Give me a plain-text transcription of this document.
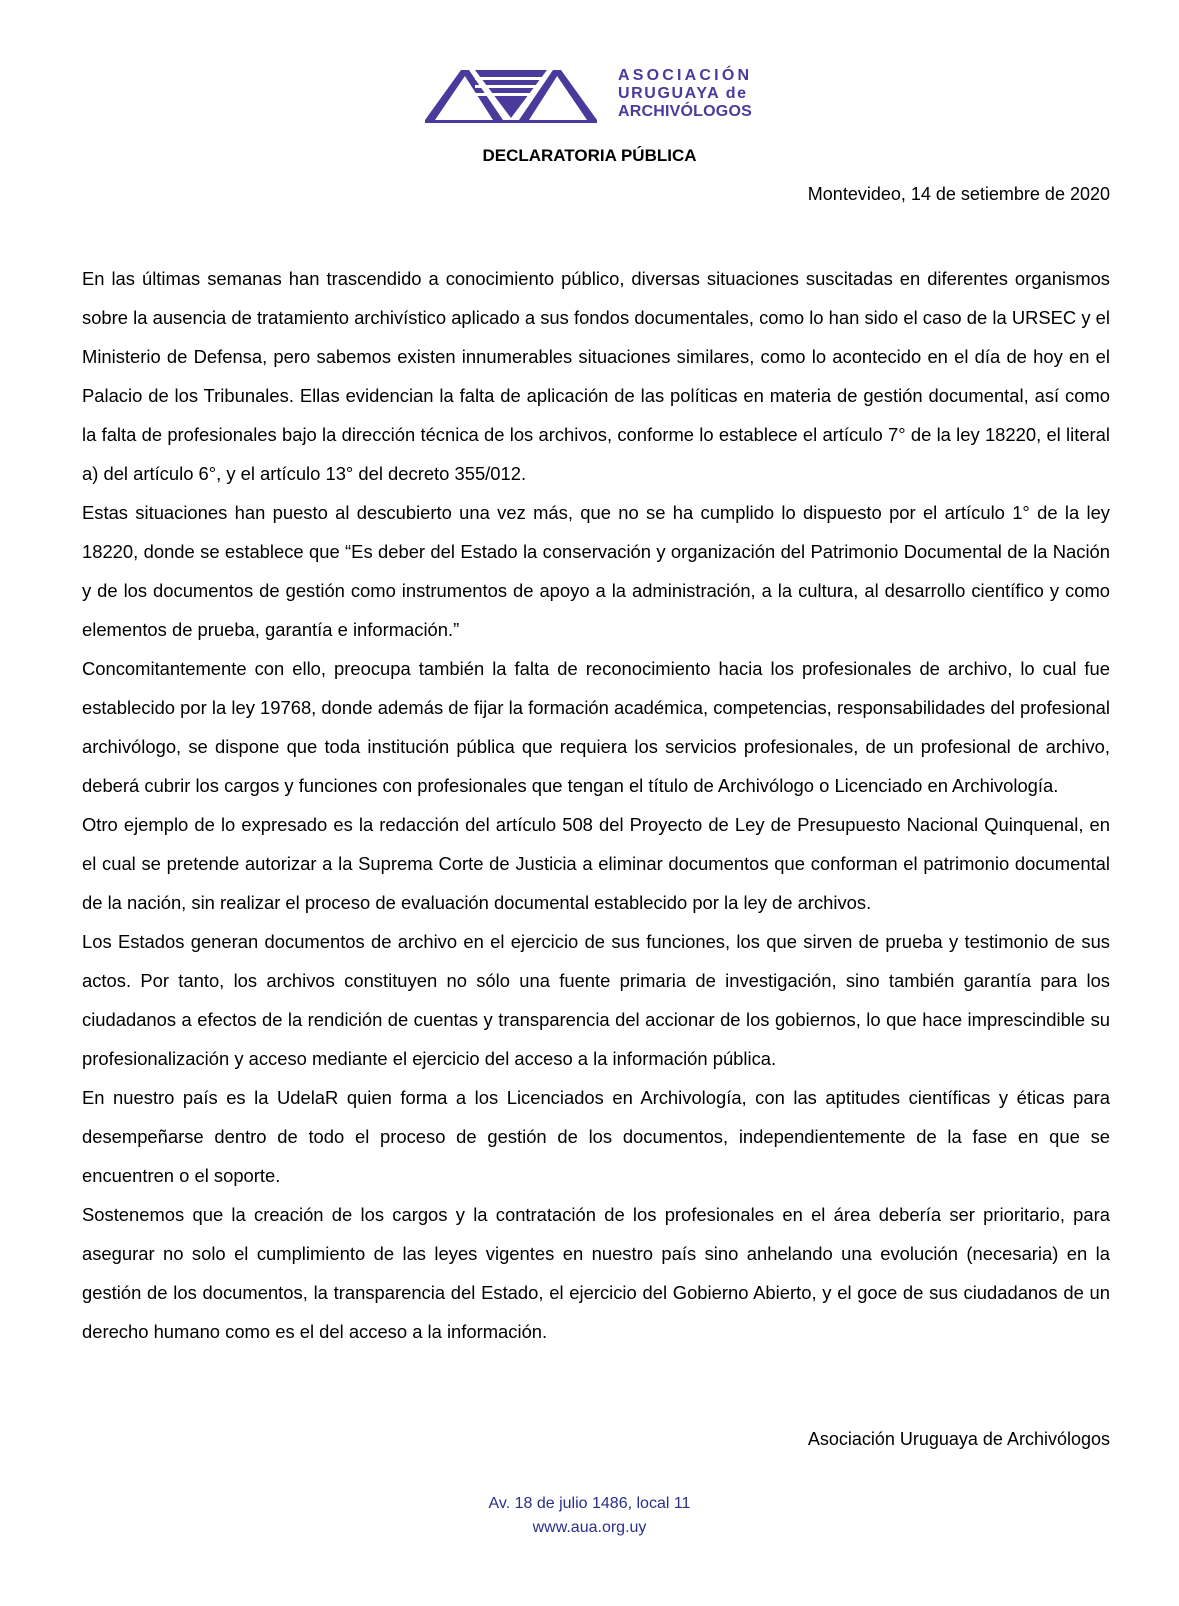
ASOCIACIÓN
URUGUAYA de
ARCHIVÓLOGOS
DECLARATORIA PÚBLICA
Montevideo, 14 de setiembre de 2020

En las últimas semanas han trascendido a conocimiento público, diversas situaciones suscitadas en diferentes organismos sobre la ausencia de tratamiento archivístico aplicado a sus fondos documentales, como lo han sido el caso de la URSEC y el Ministerio de Defensa, pero sabemos existen innumerables situaciones similares, como lo acontecido en el día de hoy en el Palacio de los Tribunales. Ellas evidencian la falta de aplicación de las políticas en materia de gestión documental, así como la falta de profesionales bajo la dirección técnica de los archivos, conforme lo establece el artículo 7° de la ley 18220, el literal a) del artículo 6°, y el artículo 13° del decreto 355/012.

Estas situaciones han puesto al descubierto una vez más, que no se ha cumplido lo dispuesto por el artículo 1° de la ley 18220, donde se establece que “Es deber del Estado la conservación y organización del Patrimonio Documental de la Nación y de los documentos de gestión como instrumentos de apoyo a la administración, a la cultura, al desarrollo científico y como elementos de prueba, garantía e información.”

Concomitantemente con ello, preocupa también la falta de reconocimiento hacia los profesionales de archivo, lo cual fue establecido por la ley 19768, donde además de fijar la formación académica, competencias, responsabilidades del profesional archivólogo, se dispone que toda institución pública que requiera los servicios profesionales, de un profesional de archivo, deberá cubrir los cargos y funciones con profesionales que tengan el título de Archivólogo o Licenciado en Archivología.

Otro ejemplo de lo expresado es la redacción del artículo 508 del Proyecto de Ley de Presupuesto Nacional Quinquenal, en el cual se pretende autorizar a la Suprema Corte de Justicia a eliminar documentos que conforman el patrimonio documental de la nación, sin realizar el proceso de evaluación documental establecido por la ley de archivos.

Los Estados generan documentos de archivo en el ejercicio de sus funciones, los que sirven de prueba y testimonio de sus actos. Por tanto, los archivos constituyen no sólo una fuente primaria de investigación, sino también garantía para los ciudadanos a efectos de la rendición de cuentas y transparencia del accionar de los gobiernos, lo que hace imprescindible su profesionalización y acceso mediante el ejercicio del acceso a la información pública.

En nuestro país es la UdelaR quien forma a los Licenciados en Archivología, con las aptitudes científicas y éticas para desempeñarse dentro de todo el proceso de gestión de los documentos, independientemente de la fase en que se encuentren o el soporte.

Sostenemos que la creación de los cargos y la contratación de los profesionales en el área debería ser prioritario, para asegurar no solo el cumplimiento de las leyes vigentes en nuestro país sino anhelando una evolución (necesaria) en la gestión de los documentos, la transparencia del Estado, el ejercicio del Gobierno Abierto, y el goce de sus ciudadanos de un derecho humano como es el del acceso a la información.

Asociación Uruguaya de Archivólogos
Av. 18 de julio 1486, local 11
www.aua.org.uy
